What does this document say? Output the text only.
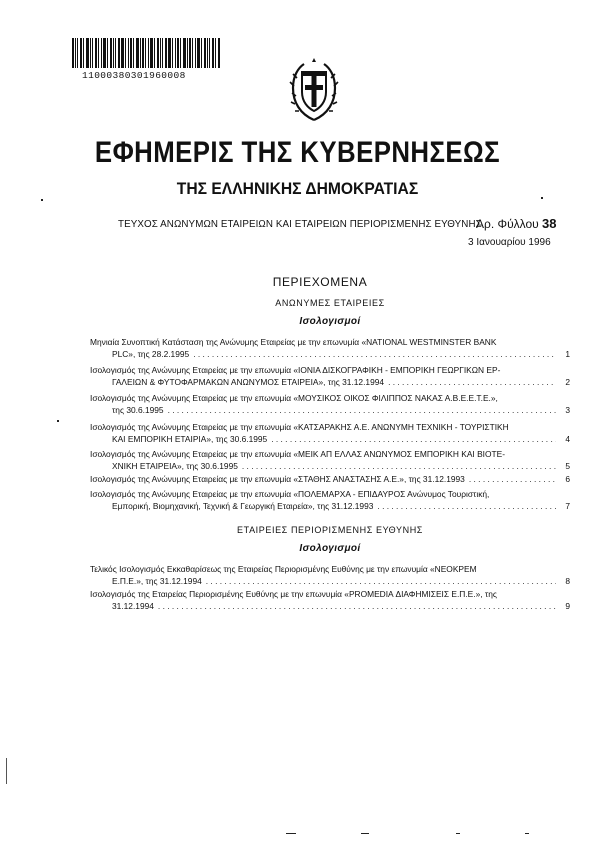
11000380301960008
ΕΦΗΜΕΡΙΣ ΤΗΣ ΚΥΒΕΡΝΗΣΕΩΣ
ΤΗΣ ΕΛΛΗΝΙΚΗΣ ΔΗΜΟΚΡΑΤΙΑΣ
ΤΕΥΧΟΣ ΑΝΩΝΥΜΩΝ ΕΤΑΙΡΕΙΩΝ ΚΑΙ ΕΤΑΙΡΕΙΩΝ ΠΕΡΙΟΡΙΣΜΕΝΗΣ ΕΥΘΥΝΗΣ
Αρ. Φύλλου 38
3 Ιανουαρίου 1996
ΠΕΡΙΕΧΟΜΕΝΑ
ΑΝΩΝΥΜΕΣ ΕΤΑΙΡΕΙΕΣ
Ισολογισμοί
Μηνιαία Συνοπτική Κατάσταση της Ανώνυμης Εταιρείας με την επωνυμία «NATIONAL WESTMINSTER BANK
PLC», της 28.2.1995 . . .	1
Ισολογισμός της Ανώνυμης Εταιρείας με την επωνυμία «ΙΟΝΙΑ ΔΙΣΚΟΓΡΑΦΙΚΗ - ΕΜΠΟΡΙΚΗ ΓΕΩΡΓΙΚΩΝ ΕΡ-
ΓΑΛΕΙΩΝ & ΦΥΤΟΦΑΡΜΑΚΩΝ ΑΝΩΝΥΜΟΣ ΕΤΑΙΡΕΙΑ», της 31.12.1994 . . .	2
Ισολογισμός της Ανώνυμης Εταιρείας με την επωνυμία «ΜΟΥΣΙΚΟΣ ΟΙΚΟΣ ΦΙΛΙΠΠΟΣ ΝΑΚΑΣ Α.Β.Ε.Ε.Τ.Ε.»,
της 30.6.1995 . . .	3
Ισολογισμός της Ανώνυμης Εταιρείας με την επωνυμία «ΚΑΤΣΑΡΑΚΗΣ Α.Ε. ΑΝΩΝΥΜΗ ΤΕΧΝΙΚΗ - ΤΟΥΡΙΣΤΙΚΗ
ΚΑΙ ΕΜΠΟΡΙΚΗ ΕΤΑΙΡΙΑ», της 30.6.1995 . . .	4
Ισολογισμός της Ανώνυμης Εταιρείας με την επωνυμία «ΜΕΙΚ ΑΠ ΕΛΛΑΣ ΑΝΩΝΥΜΟΣ ΕΜΠΟΡΙΚΗ ΚΑΙ ΒΙΟΤΕ-
ΧΝΙΚΗ ΕΤΑΙΡΕΙΑ», της 30.6.1995 . . .	5
Ισολογισμός της Ανώνυμης Εταιρείας με την επωνυμία «ΣΤΑΘΗΣ ΑΝΑΣΤΑΣΗΣ Α.Ε.», της 31.12.1993 . . .	6
Ισολογισμός της Ανώνυμης Εταιρείας με την επωνυμία «ΠΟΛΕΜΑΡΧΑ - ΕΠΙΔΑΥΡΟΣ Ανώνυμος Τουριστική,
Εμπορική, Βιομηχανική, Τεχνική & Γεωργική Εταιρεία», της 31.12.1993 . . .	7
ΕΤΑΙΡΕΙΕΣ ΠΕΡΙΟΡΙΣΜΕΝΗΣ ΕΥΘΥΝΗΣ
Ισολογισμοί
Τελικός Ισολογισμός Εκκαθαρίσεως της Εταιρείας Περιορισμένης Ευθύνης με την επωνυμία «ΝΕΟΚΡΕΜ
Ε.Π.Ε.», της 31.12.1994 . . .	8
Ισολογισμός της Εταιρείας Περιορισμένης Ευθύνης με την επωνυμία «PROMEDIA ΔΙΑΦΗΜΙΣΕΙΣ Ε.Π.Ε.», της
31.12.1994 . . .	9
